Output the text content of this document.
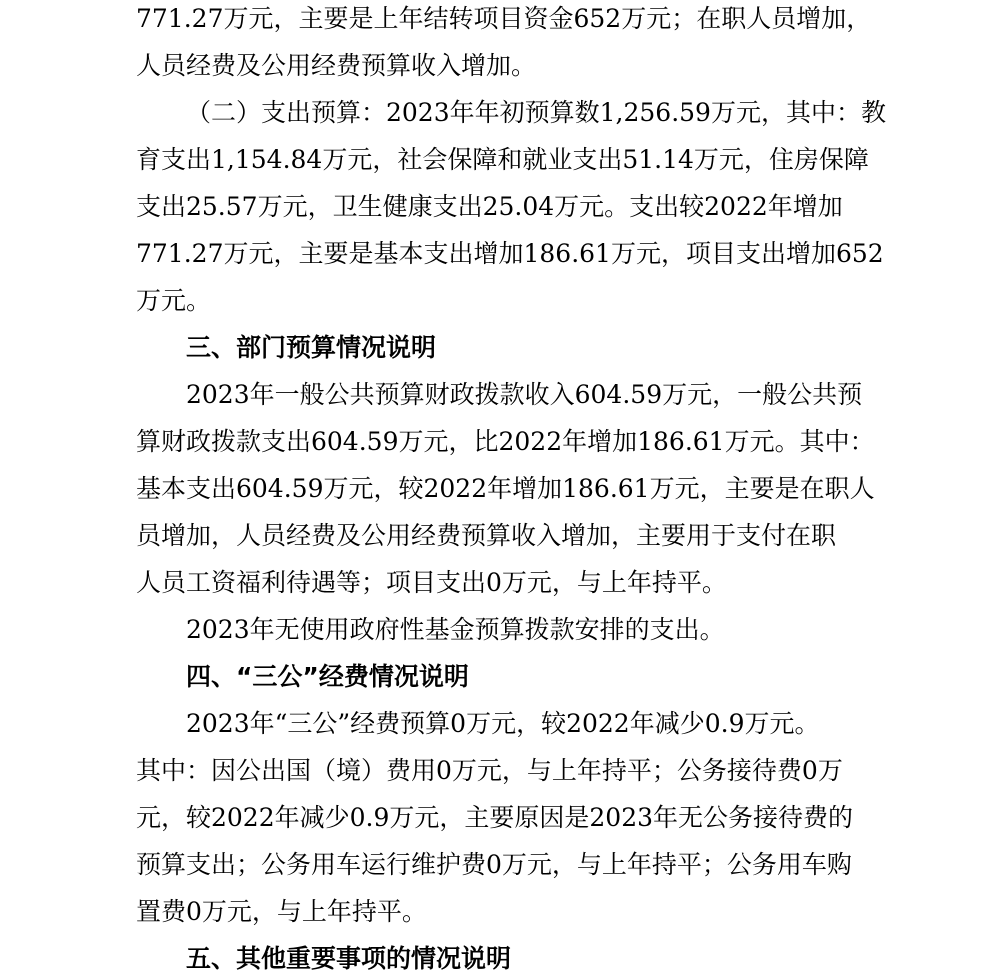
771.27万元，主要是上年结转项目资金652万元；在职人员增加，
人员经费及公用经费预算收入增加。
（二）支出预算：2023年年初预算数1,256.59万元，其中：教
育支出1,154.84万元，社会保障和就业支出51.14万元，住房保障
支出25.57万元，卫生健康支出25.04万元。支出较2022年增加
771.27万元，主要是基本支出增加186.61万元，项目支出增加652
万元。
三、部门预算情况说明
2023年一般公共预算财政拨款收入604.59万元，一般公共预
算财政拨款支出604.59万元，比2022年增加186.61万元。其中：
基本支出604.59万元，较2022年增加186.61万元，主要是在职人
员增加，人员经费及公用经费预算收入增加，主要用于支付在职
人员工资福利待遇等；项目支出0万元，与上年持平。
2023年无使用政府性基金预算拨款安排的支出。
四、“三公”经费情况说明
2023年“三公”经费预算0万元，较2022年减少0.9万元。
其中：因公出国（境）费用0万元，与上年持平；公务接待费0万
元，较2022年减少0.9万元，主要原因是2023年无公务接待费的
预算支出；公务用车运行维护费0万元，与上年持平；公务用车购
置费0万元，与上年持平。
五、其他重要事项的情况说明
